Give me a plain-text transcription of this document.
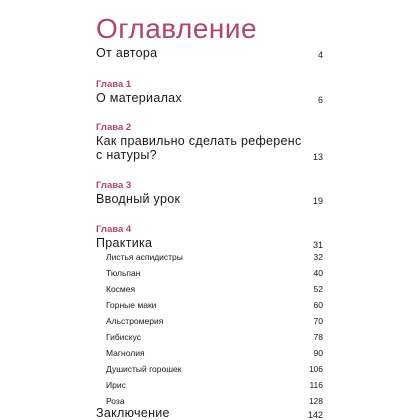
Оглавление
От автора	4
Глава 1
О материалах	6
Глава 2
Как правильно сделать референс
с натуры?	13
Глава 3
Вводный урок	19
Глава 4
Практика	31
Листья аспидистры	32
Тюльпан	40
Космея	52
Горные маки	60
Альстромерия	70
Гибискус	78
Магнолия	90
Душистый горошек	106
Ирис	116
Роза	128
Заключение	142
